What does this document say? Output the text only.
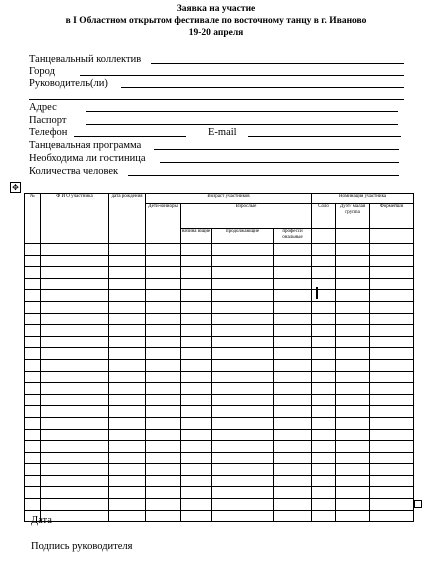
Заявка на участие
в I Областном открытом фестивале по восточному танцу в г. Иваново
19-20 апреля
Танцевальный коллектив
Город
Руководитель(ли)
Адрес
Паспорт
Телефон	E-mail
Танцевальная программа
Необходима ли гостиница
Количества человек
✥
№	Ф И О участника	дата рождения	Возраст участников				Номинация участника		
			Дети-юниоры	Взрослые			Соло	Дуэт/ малая группа	Формейшн
				начина ющие	продолжающие	професси ональные			

Дата
Подпись руководителя
